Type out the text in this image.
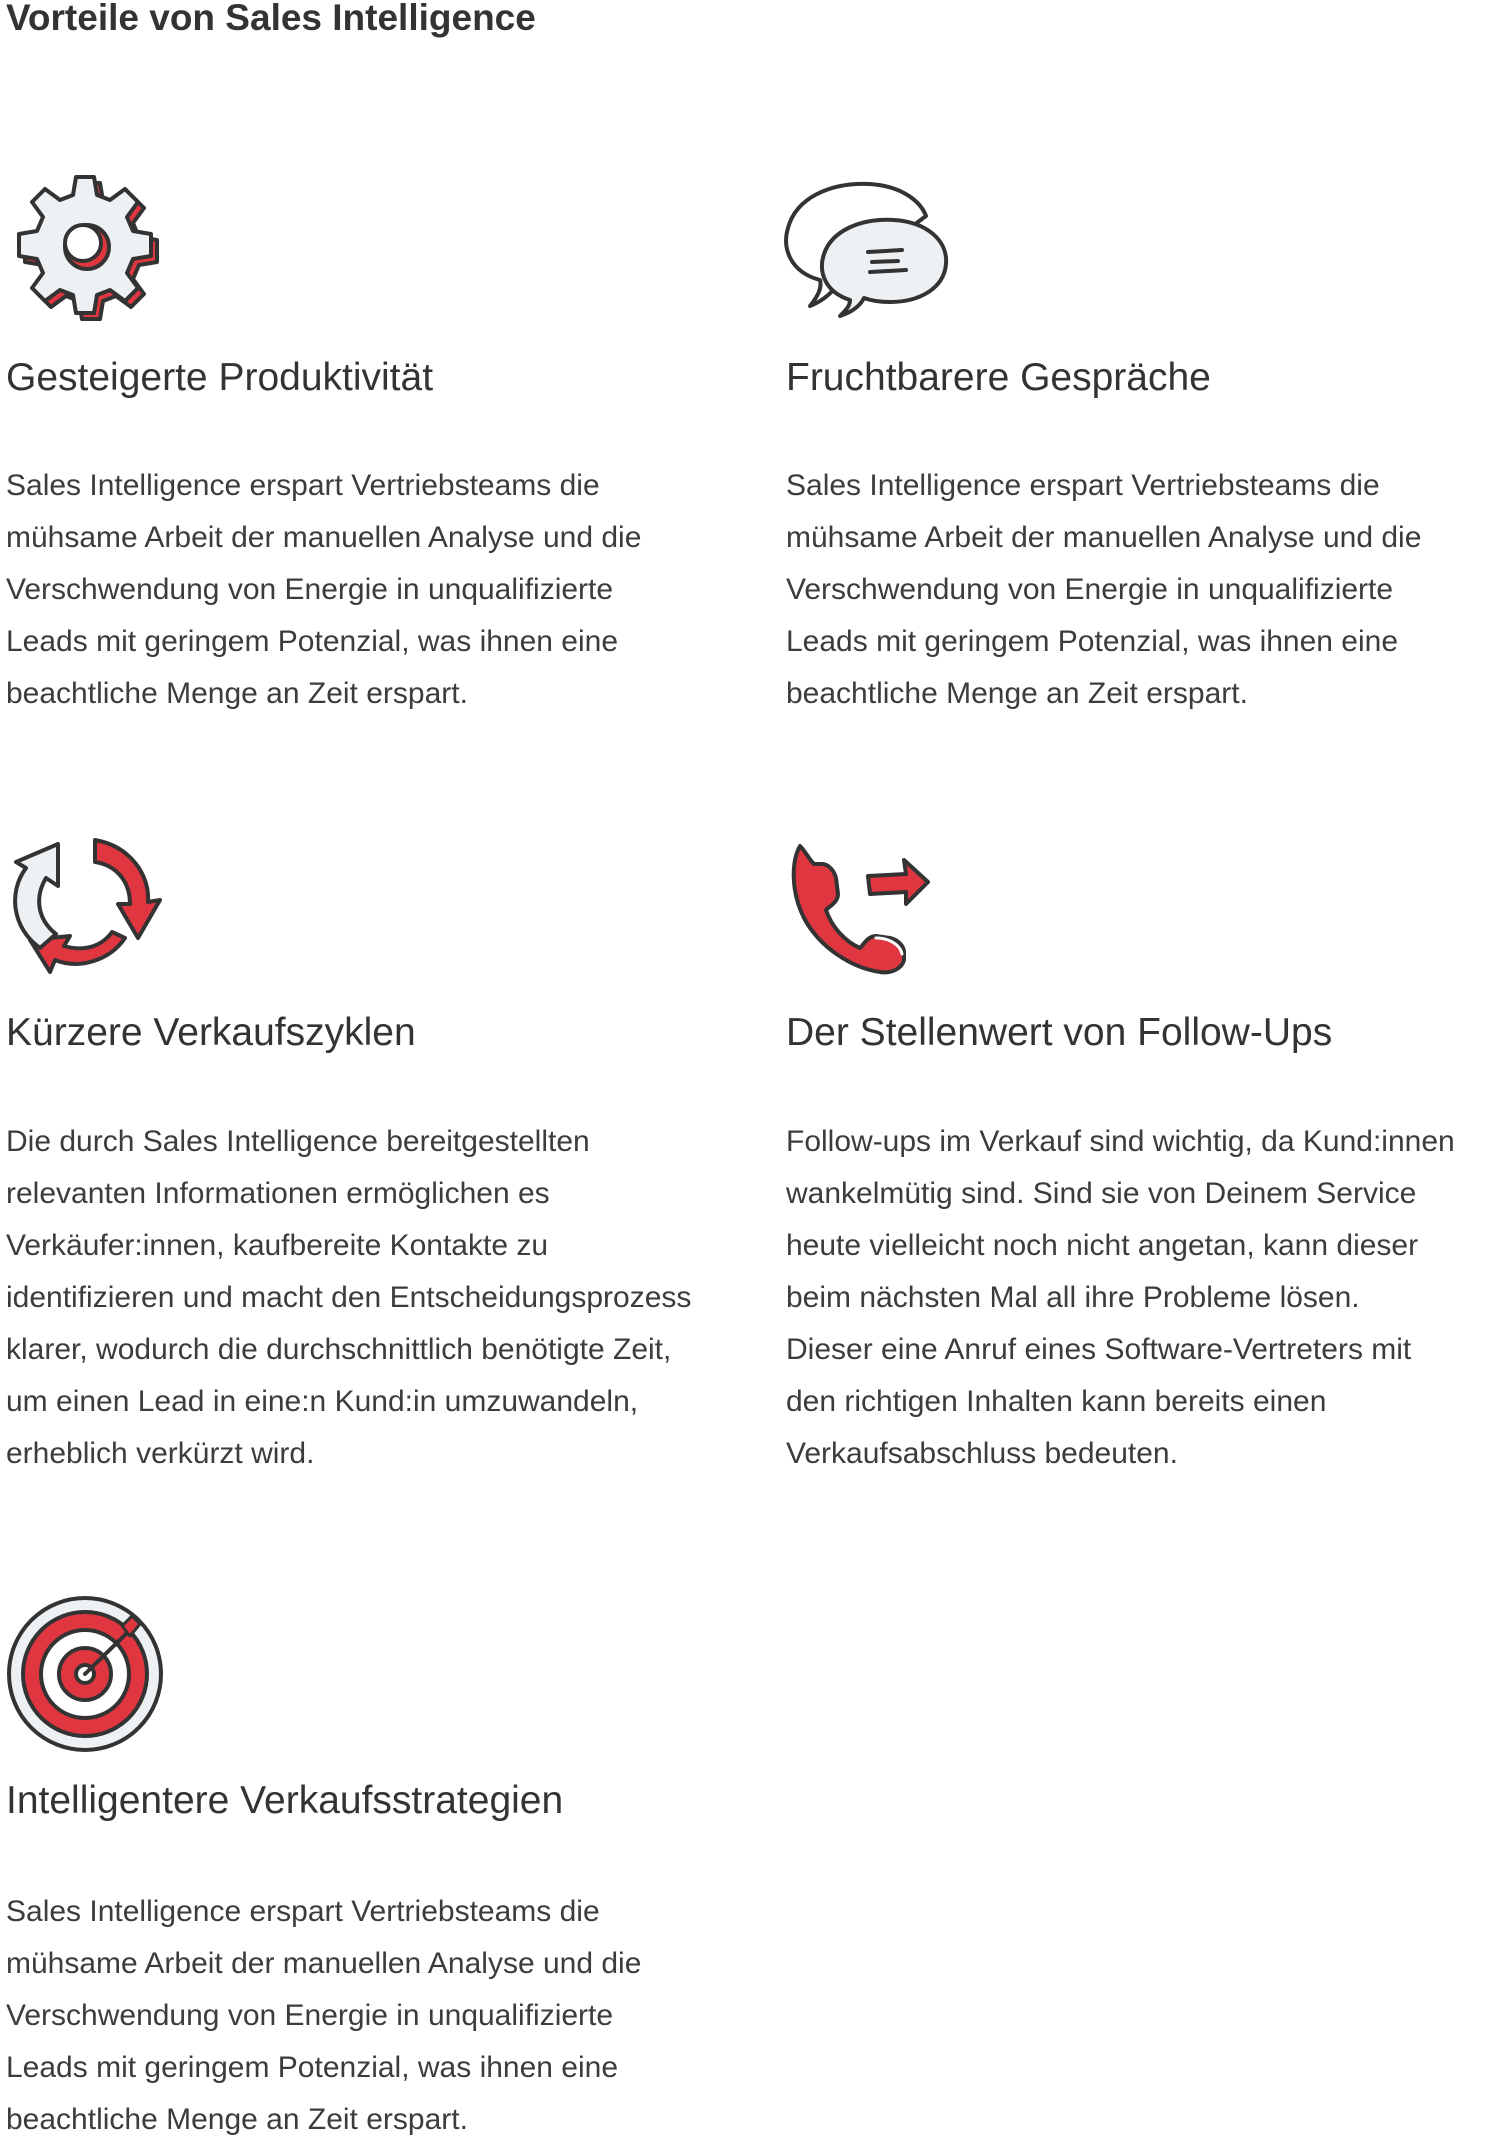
Vorteile von Sales Intelligence
Gesteigerte Produktivität

Sales Intelligence erspart Vertriebsteams die
mühsame Arbeit der manuellen Analyse und die
Verschwendung von Energie in unqualifizierte
Leads mit geringem Potenzial, was ihnen eine
beachtliche Menge an Zeit erspart.

Fruchtbarere Gespräche

Sales Intelligence erspart Vertriebsteams die
mühsame Arbeit der manuellen Analyse und die
Verschwendung von Energie in unqualifizierte
Leads mit geringem Potenzial, was ihnen eine
beachtliche Menge an Zeit erspart.

Kürzere Verkaufszyklen

Die durch Sales Intelligence bereitgestellten
relevanten Informationen ermöglichen es
Verkäufer:innen, kaufbereite Kontakte zu
identifizieren und macht den Entscheidungsprozess
klarer, wodurch die durchschnittlich benötigte Zeit,
um einen Lead in eine:n Kund:in umzuwandeln,
erheblich verkürzt wird.

Der Stellenwert von Follow-Ups

Follow-ups im Verkauf sind wichtig, da Kund:innen
wankelmütig sind. Sind sie von Deinem Service
heute vielleicht noch nicht angetan, kann dieser
beim nächsten Mal all ihre Probleme lösen.
Dieser eine Anruf eines Software-Vertreters mit
den richtigen Inhalten kann bereits einen
Verkaufsabschluss bedeuten.

Intelligentere Verkaufsstrategien

Sales Intelligence erspart Vertriebsteams die
mühsame Arbeit der manuellen Analyse und die
Verschwendung von Energie in unqualifizierte
Leads mit geringem Potenzial, was ihnen eine
beachtliche Menge an Zeit erspart.
